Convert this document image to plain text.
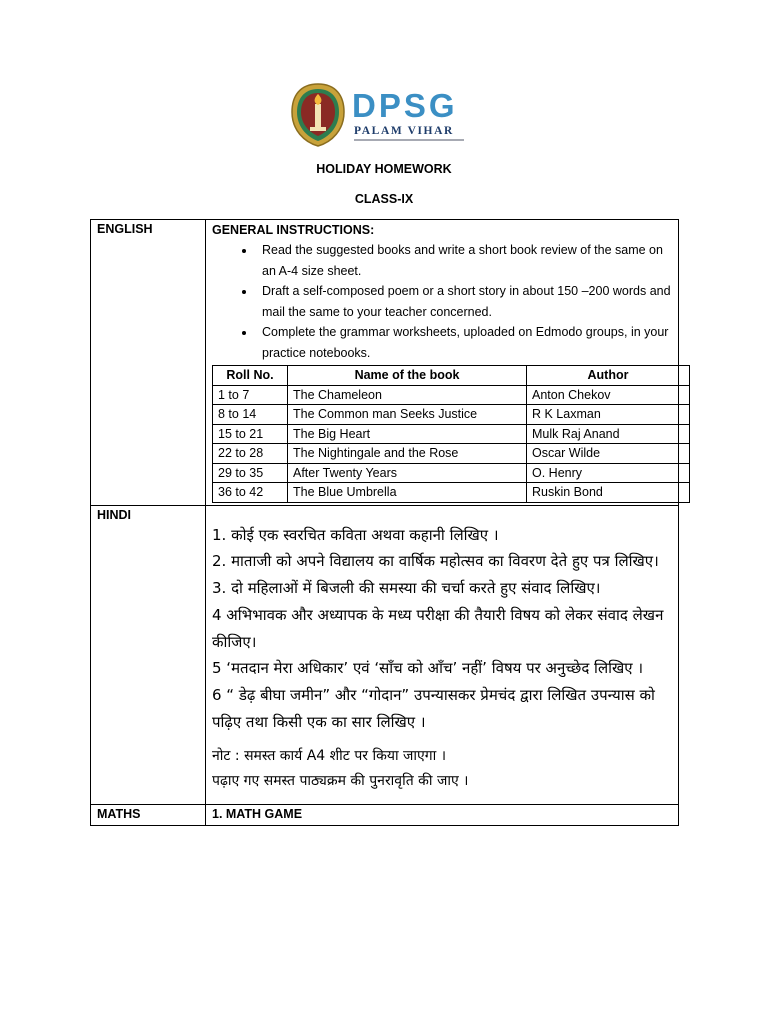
DPSG
PALAM VIHAR
HOLIDAY HOMEWORK
CLASS-IX
ENGLISH	GENERAL INSTRUCTIONS:
• Read the suggested books and write a short book review of the same on an A-4 size sheet.
• Draft a self-composed poem or a short story in about 150 –200 words and mail the same to your teacher concerned.
• Complete the grammar worksheets, uploaded on Edmodo groups, in your practice notebooks.
Roll No.	Name of the book	Author
1 to 7	The Chameleon	Anton Chekov
8 to 14	The Common man Seeks Justice	R K Laxman
15 to 21	The Big Heart	Mulk Raj Anand
22 to 28	The Nightingale and the Rose	Oscar Wilde
29 to 35	After Twenty Years	O. Henry
36 to 42	The Blue Umbrella	Ruskin Bond

HINDI	

1. कोई एक स्वरचित कविता अथवा कहानी लिखिए ।

2. माताजी को अपने विद्यालय का वार्षिक महोत्सव का विवरण देते हुए पत्र लिखिए।

3. दो महिलाओं में बिजली की समस्या की चर्चा करते हुए संवाद लिखिए।

4 अभिभावक और अध्यापक के मध्य परीक्षा की तैयारी विषय को लेकर संवाद लेखन कीजिए।

5 ‘मतदान मेरा अधिकार’ एवं ‘साँच को आँच’ नहीं’ विषय पर अनुच्छेद लिखिए ।

6 “ डेढ़ बीघा जमीन” और “गोदान” उपन्यासकर प्रेमचंद द्वारा लिखित उपन्यास को पढ़िए तथा किसी एक का सार लिखिए ।

नोट : समस्त कार्य A4 शीट पर किया जाएगा ।

पढ़ाए गए समस्त पाठ्यक्रम की पुनरावृति की जाए ।

MATHS	1. MATH GAME
